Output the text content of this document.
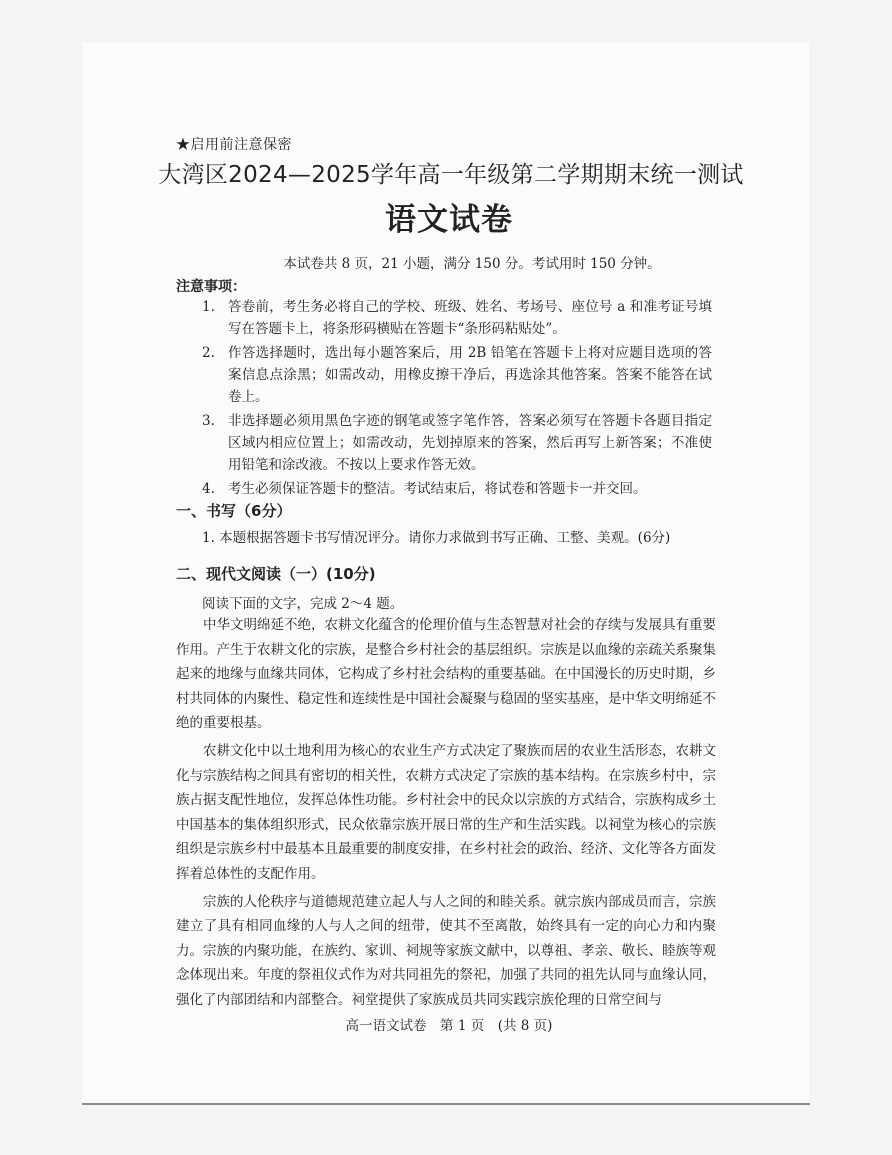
★启用前注意保密
大湾区2024—2025学年高一年级第二学期期末统一测试
语文试卷
本试卷共 8 页，21 小题，满分 150 分。考试用时 150 分钟。
注意事项：
1. 答卷前，考生务必将自己的学校、班级、姓名、考场号、座位号 a 和准考证号填写在答题卡上，将条形码横贴在答题卡“条形码粘贴处”。
2. 作答选择题时，选出每小题答案后，用 2B 铅笔在答题卡上将对应题目选项的答案信息点涂黑；如需改动，用橡皮擦干净后，再选涂其他答案。答案不能答在试卷上。
3. 非选择题必须用黑色字迹的钢笔或签字笔作答，答案必须写在答题卡各题目指定区域内相应位置上；如需改动，先划掉原来的答案，然后再写上新答案；不准使用铅笔和涂改液。不按以上要求作答无效。
4. 考生必须保证答题卡的整洁。考试结束后，将试卷和答题卡一并交回。
一、书写（6分）
1. 本题根据答题卡书写情况评分。请你力求做到书写正确、工整、美观。(6分)
二、现代文阅读（一）(10分)
阅读下面的文字，完成 2～4 题。

中华文明绵延不绝，农耕文化蕴含的伦理价值与生态智慧对社会的存续与发展具有重要作用。产生于农耕文化的宗族，是整合乡村社会的基层组织。宗族是以血缘的亲疏关系聚集起来的地缘与血缘共同体，它构成了乡村社会结构的重要基础。在中国漫长的历史时期，乡村共同体的内聚性、稳定性和连续性是中国社会凝聚与稳固的坚实基座，是中华文明绵延不绝的重要根基。

农耕文化中以土地利用为核心的农业生产方式决定了聚族而居的农业生活形态，农耕文化与宗族结构之间具有密切的相关性，农耕方式决定了宗族的基本结构。在宗族乡村中，宗族占据支配性地位，发挥总体性功能。乡村社会中的民众以宗族的方式结合，宗族构成乡土中国基本的集体组织形式，民众依靠宗族开展日常的生产和生活实践。以祠堂为核心的宗族组织是宗族乡村中最基本且最重要的制度安排，在乡村社会的政治、经济、文化等各方面发挥着总体性的支配作用。

宗族的人伦秩序与道德规范建立起人与人之间的和睦关系。就宗族内部成员而言，宗族建立了具有相同血缘的人与人之间的纽带，使其不至离散，始终具有一定的向心力和内聚力。宗族的内聚功能，在族约、家训、祠规等家族文献中，以尊祖、孝亲、敬长、睦族等观念体现出来。年度的祭祖仪式作为对共同祖先的祭祀，加强了共同的祖先认同与血缘认同，强化了内部团结和内部整合。祠堂提供了家族成员共同实践宗族伦理的日常空间与

高一语文试卷　第 1 页　(共 8 页)
